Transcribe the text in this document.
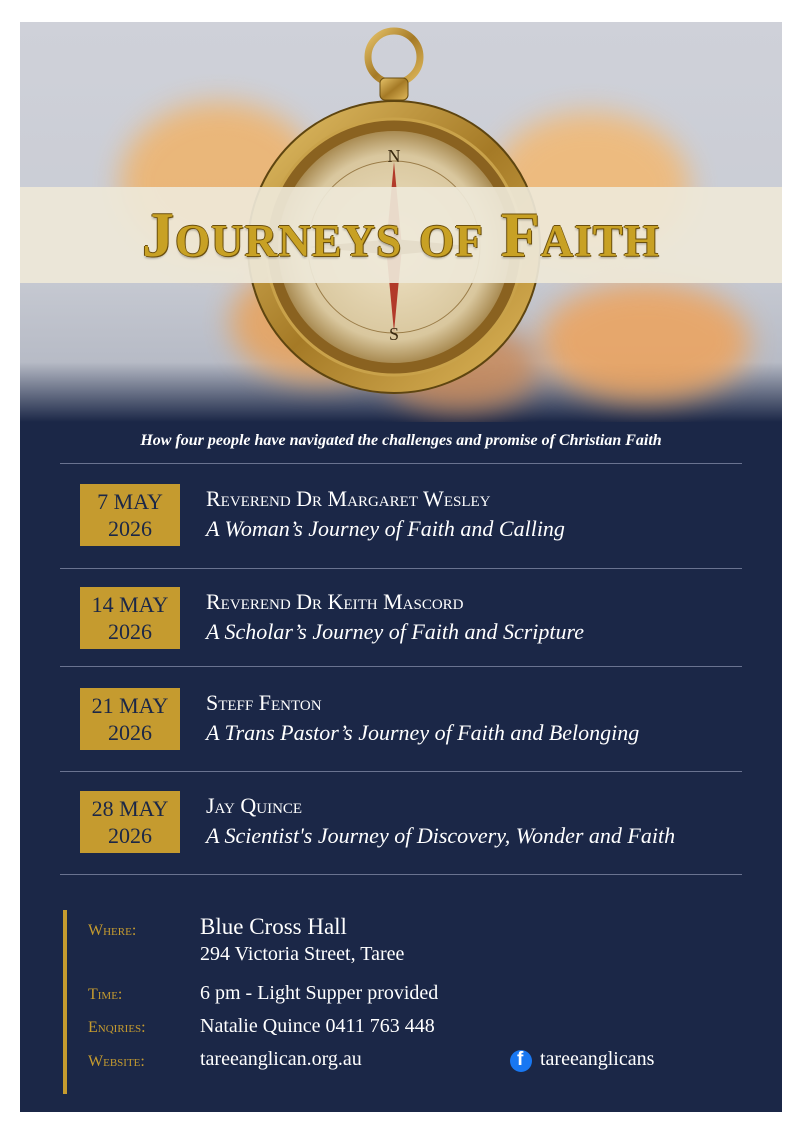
N
S
Journeys of Faith
How four people have navigated the challenges and promise of Christian Faith
7 MAY
2026
Reverend Dr Margaret Wesley
A Woman’s Journey of Faith and Calling
14 MAY
2026
Reverend Dr Keith Mascord
A Scholar’s Journey of Faith and Scripture
21 MAY
2026
Steff Fenton
A Trans Pastor’s Journey of Faith and Belonging
28 MAY
2026
Jay Quince
A Scientist's Journey of Discovery, Wonder and Faith
Where:	Blue Cross Hall
294 Victoria Street, Taree
Time:	6 pm - Light Supper provided
Enqiries:	Natalie Quince 0411 763 448
Website:	tareeanglican.org.au	f tareeanglicans
